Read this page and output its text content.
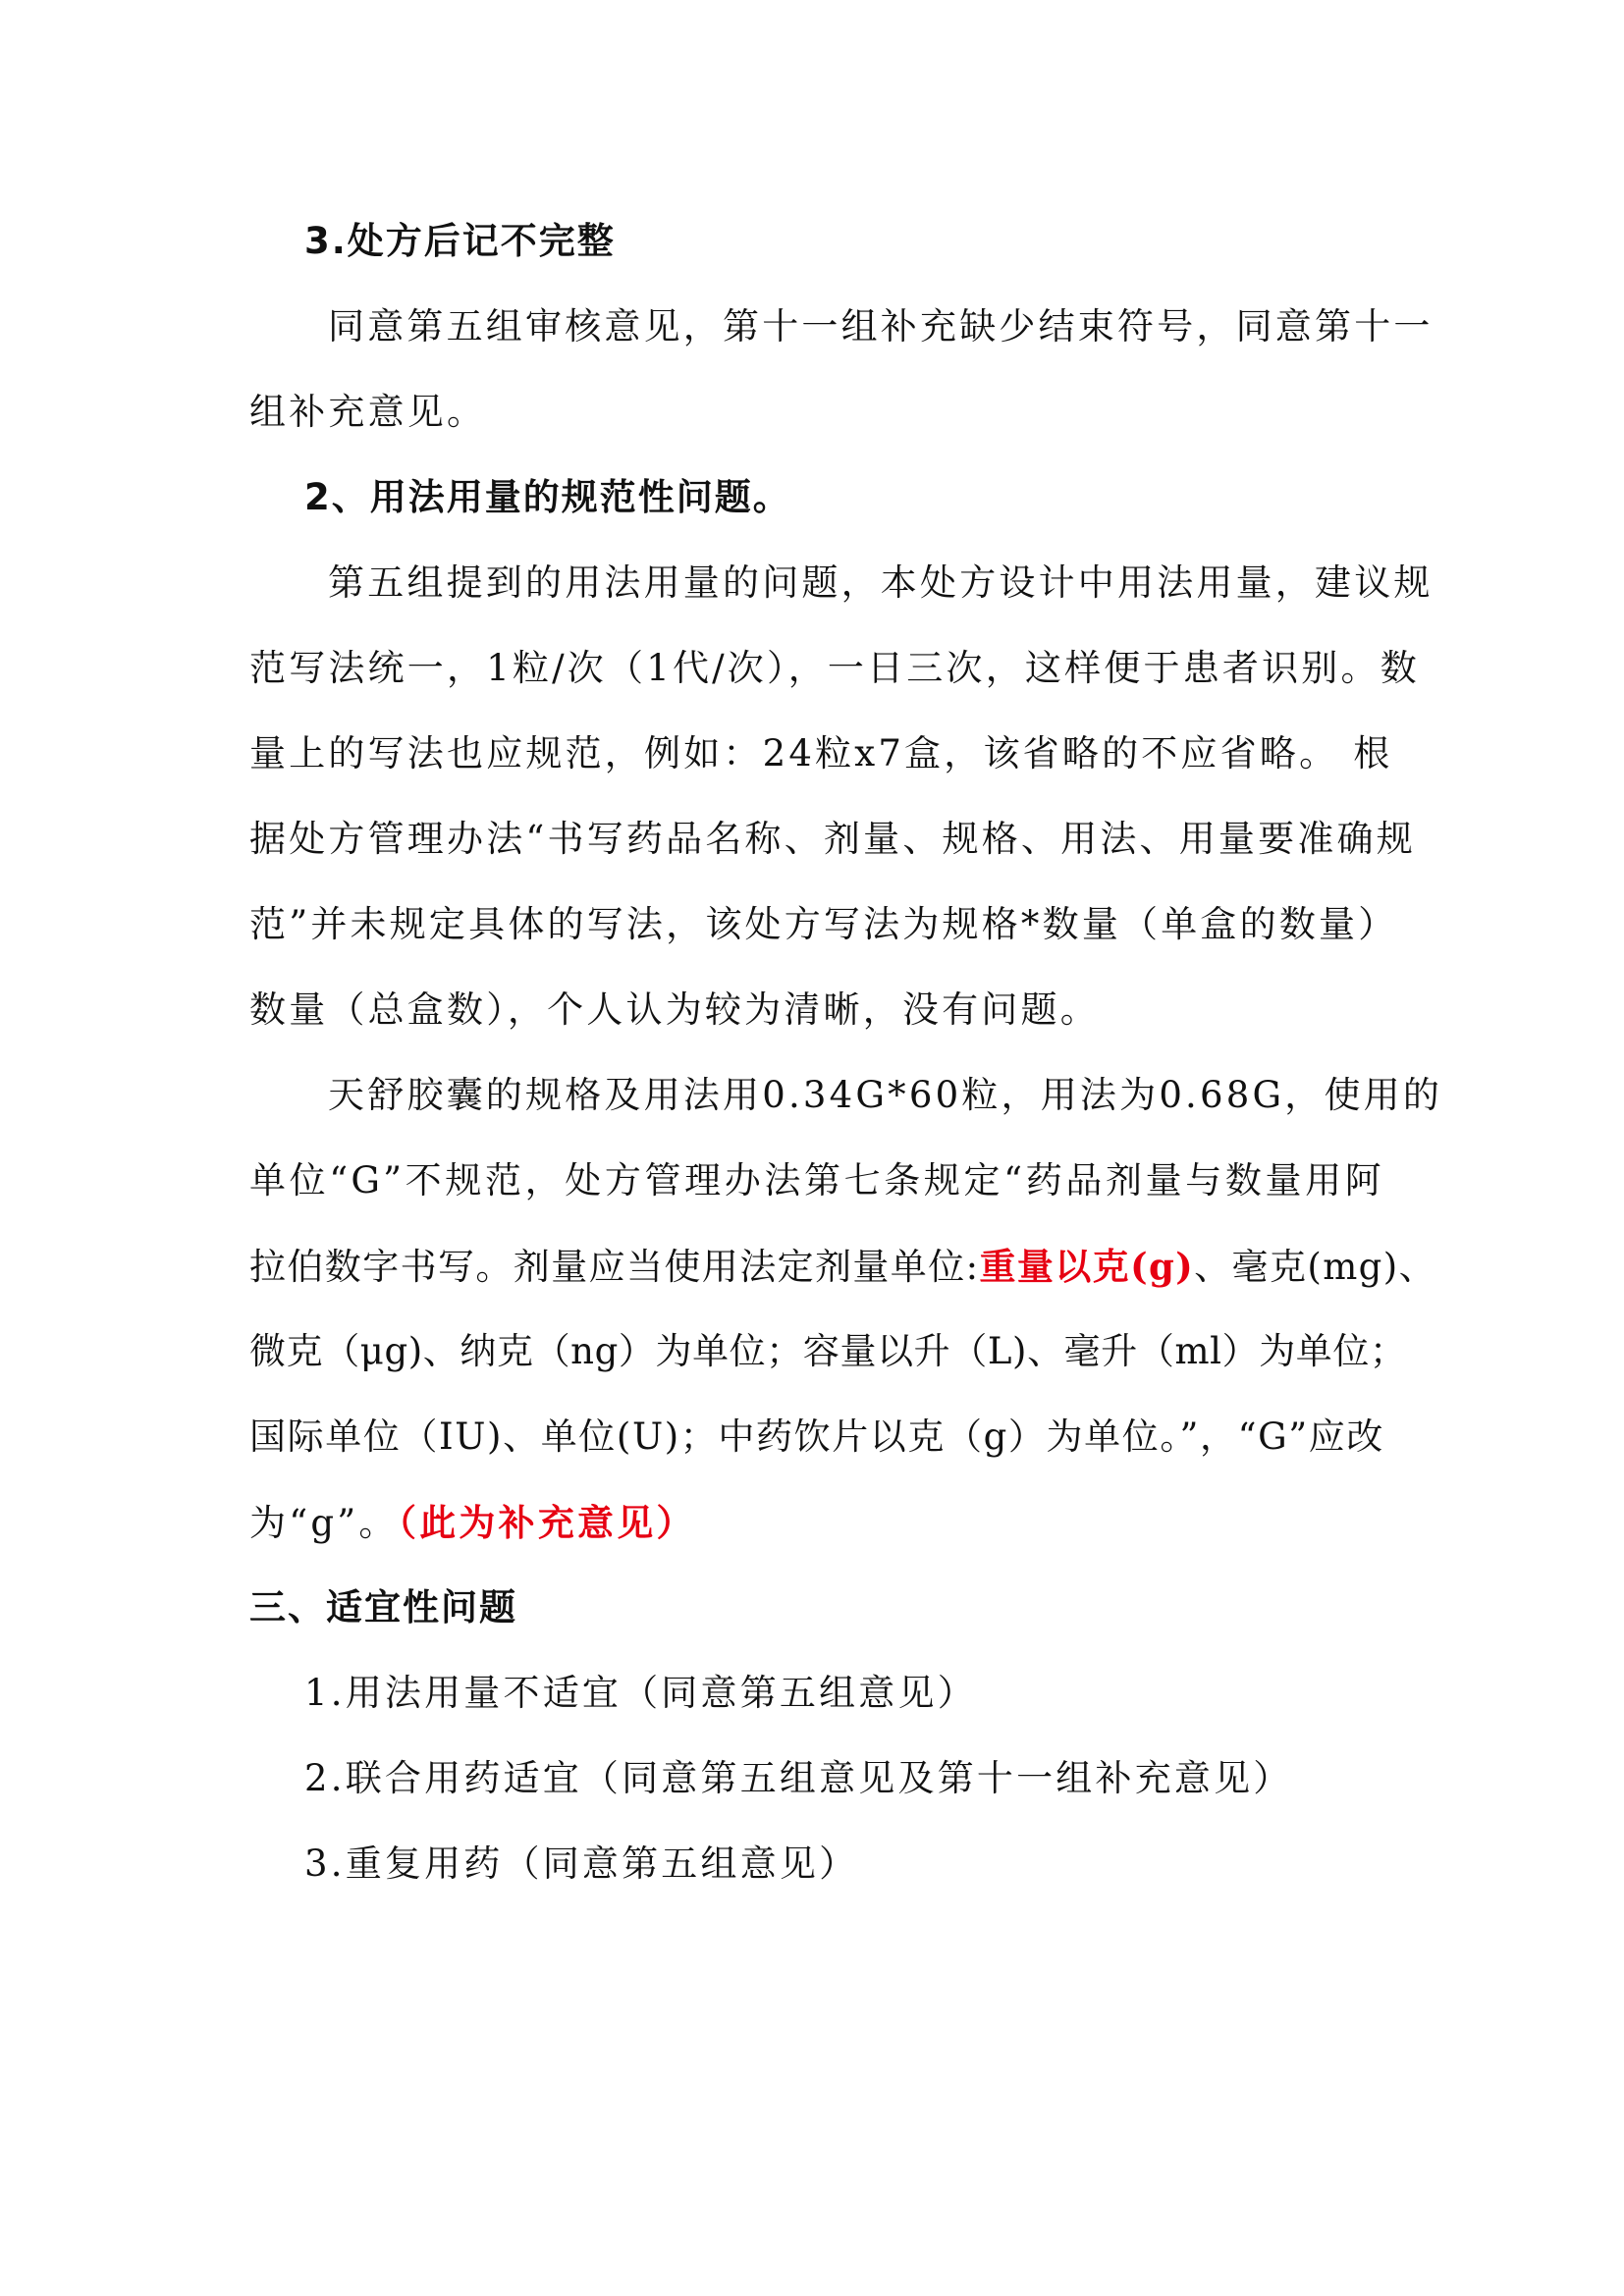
3.处方后记不完整
同意第五组审核意见，第十一组补充缺少结束符号，同意第十一
组补充意见。
2、用法用量的规范性问题。
第五组提到的用法用量的问题，本处方设计中用法用量，建议规
范写法统一，1粒/次（1代/次），一日三次，这样便于患者识别。数
量上的写法也应规范，例如：24粒x7盒，该省略的不应省略。 根
据处方管理办法“书写药品名称、剂量、规格、用法、用量要准确规
范”并未规定具体的写法，该处方写法为规格*数量（单盒的数量）
数量（总盒数），个人认为较为清晰，没有问题。
天舒胶囊的规格及用法用0.34G*60粒，用法为0.68G，使用的
单位“G”不规范，处方管理办法第七条规定“药品剂量与数量用阿
拉伯数字书写。剂量应当使用法定剂量单位:重量以克(g)、毫克(mg)、
微克（μg)、纳克（ng）为单位；容量以升（L)、毫升（ml）为单位；
国际单位（IU)、单位(U)；中药饮片以克（g）为单位。”，“G”应改
为“g”。（此为补充意见）
三、适宜性问题
1.用法用量不适宜（同意第五组意见）
2.联合用药适宜（同意第五组意见及第十一组补充意见）
3.重复用药（同意第五组意见）
